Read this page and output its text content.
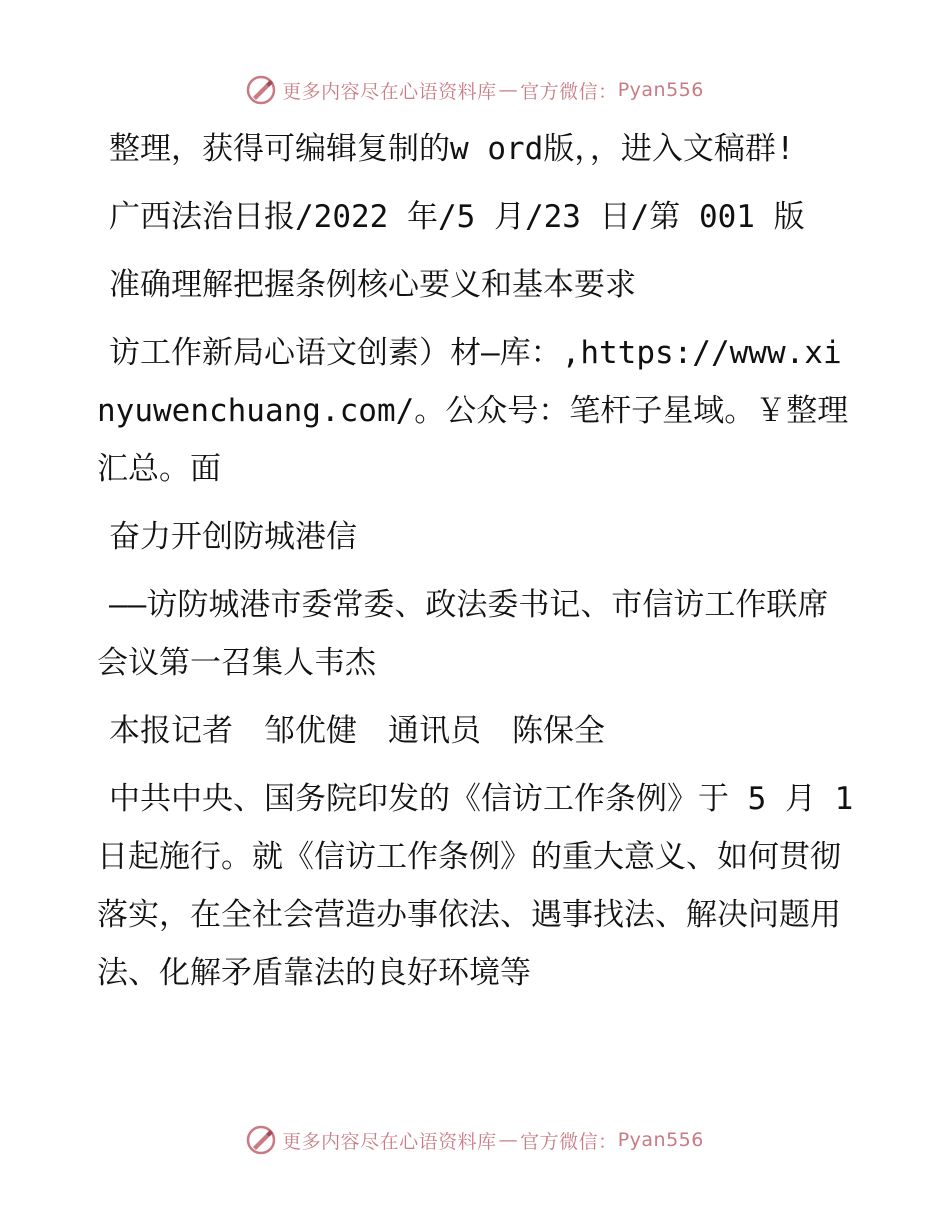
更多内容尽在心语资料库 — 官方微信： Pyan556

整理，获得可编辑复制的w ord版，，进入文稿群!

广西法治日报/2022 年/5 月/23 日/第 001 版

准确理解把握条例核心要义和基本要求

访工作新局心语文创素）材—库：,https://www.xinyuwenchuang.com/。公众号：笔杆子星域。￥整理汇总。面

奋力开创防城港信

——访防城港市委常委、政法委书记、市信访工作联席会议第一召集人韦杰

本报记者　邹优健　通讯员　陈保全

中共中央、国务院印发的《信访工作条例》于 5 月 1 日起施行。就《信访工作条例》的重大意义、如何贯彻落实，在全社会营造办事依法、遇事找法、解决问题用法、化解矛盾靠法的良好环境等

更多内容尽在心语资料库 — 官方微信： Pyan556
